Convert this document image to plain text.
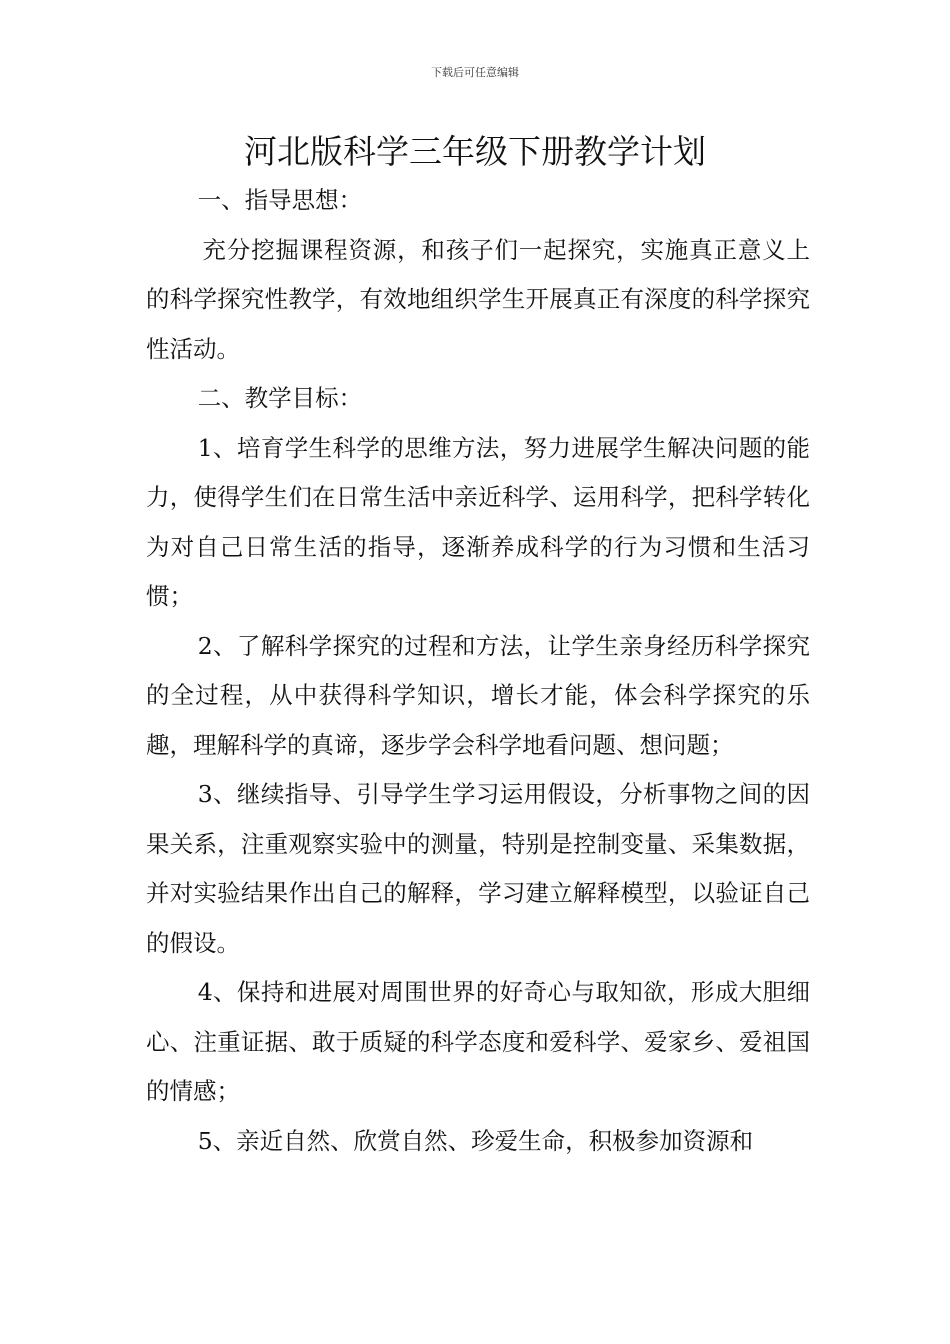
下载后可任意编辑
河北版科学三年级下册教学计划

一、指导思想：

充分挖掘课程资源，和孩子们一起探究，实施真正意义上的科学探究性教学，有效地组织学生开展真正有深度的科学探究性活动。

二、教学目标：

1、培育学生科学的思维方法，努力进展学生解决问题的能力，使得学生们在日常生活中亲近科学、运用科学，把科学转化为对自己日常生活的指导，逐渐养成科学的行为习惯和生活习惯；

2、了解科学探究的过程和方法，让学生亲身经历科学探究的全过程，从中获得科学知识，增长才能，体会科学探究的乐趣，理解科学的真谛，逐步学会科学地看问题、想问题；

3、继续指导、引导学生学习运用假设，分析事物之间的因果关系，注重观察实验中的测量，特别是控制变量、采集数据，并对实验结果作出自己的解释，学习建立解释模型，以验证自己的假设。

4、保持和进展对周围世界的好奇心与取知欲，形成大胆细心、注重证据、敢于质疑的科学态度和爱科学、爱家乡、爱祖国的情感；

5、亲近自然、欣赏自然、珍爱生命，积极参加资源和
